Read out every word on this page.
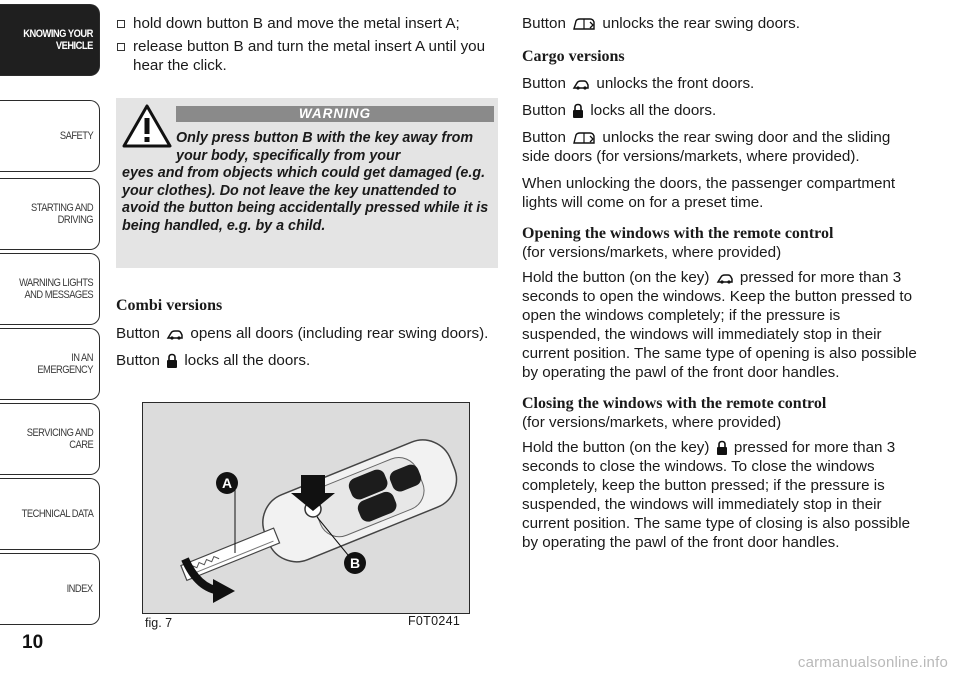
KNOWING YOUR
VEHICLE
SAFETY
STARTING AND
DRIVING
WARNING LIGHTS
AND MESSAGES
IN AN EMERGENCY
SERVICING AND
CARE
TECHNICAL DATA
INDEX
10
hold down button B and move the metal insert A;
release button B and turn the metal insert A until you hear the click.
WARNING
Only press button B with the key away from your body, specifically from your
eyes and from objects which could get damaged (e.g. your clothes). Do not leave the key unattended to avoid the button being accidentally pressed while it is being handled, e.g. by a child.

Combi versions

Button opens all doors (including rear swing doors).

Button locks all the doors.

A
B
fig. 7	F0T0241

Button unlocks the rear swing doors.

Cargo versions

Button unlocks the front doors.

Button locks all the doors.

Button unlocks the rear swing door and the sliding side doors (for versions/markets, where provided).

When unlocking the doors, the passenger compartment lights will come on for a preset time.

Opening the windows with the remote control

(for versions/markets, where provided)

Hold the button (on the key) pressed for more than 3 seconds to open the windows. Keep the button pressed to open the windows completely; if the pressure is suspended, the windows will immediately stop in their current position. The same type of opening is also possible by operating the pawl of the front door handles.

Closing the windows with the remote control

(for versions/markets, where provided)

Hold the button (on the key) pressed for more than 3 seconds to close the windows. To close the windows completely, keep the button pressed; if the pressure is suspended, the windows will immediately stop in their current position. The same type of closing is also possible by operating the pawl of the front door handles.

carmanualsonline.info
